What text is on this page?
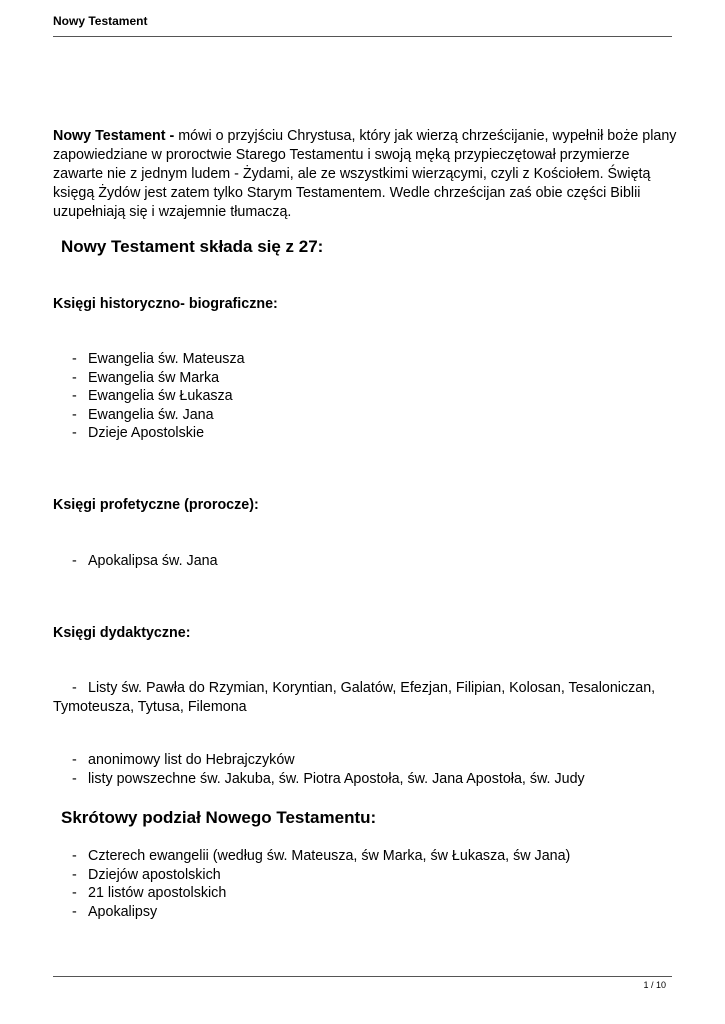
Nowy Testament
Nowy Testament - mówi o przyjściu Chrystusa, który jak wierzą chrześcijanie, wypełnił boże plany zapowiedziane w proroctwie Starego Testamentu i swoją męką przypieczętował przymierze zawarte nie z jednym ludem - Żydami, ale ze wszystkimi wierzącymi, czyli z Kościołem. Świętą księgą Żydów jest zatem tylko Starym Testamentem. Wedle chrześcijan zaś obie części Biblii uzupełniają się i wzajemnie tłumaczą.
Nowy Testament składa się z 27:
Księgi historyczno- biograficzne:
- Ewangelia św. Mateusza
- Ewangelia św Marka
- Ewangelia św Łukasza
- Ewangelia św. Jana
- Dzieje Apostolskie
Księgi profetyczne (prorocze):
- Apokalipsa św. Jana
Księgi dydaktyczne:
- Listy św. Pawła do Rzymian, Koryntian, Galatów, Efezjan, Filipian, Kolosan, Tesaloniczan, Tymoteusza, Tytusa, Filemona
- anonimowy list do Hebrajczyków
- listy powszechne św. Jakuba, św. Piotra Apostoła, św. Jana Apostoła, św. Judy
Skrótowy podział Nowego Testamentu:
- Czterech ewangelii (według św. Mateusza, św Marka, św Łukasza, św Jana)
- Dziejów apostolskich
- 21 listów apostolskich
- Apokalipsy
1 / 10
